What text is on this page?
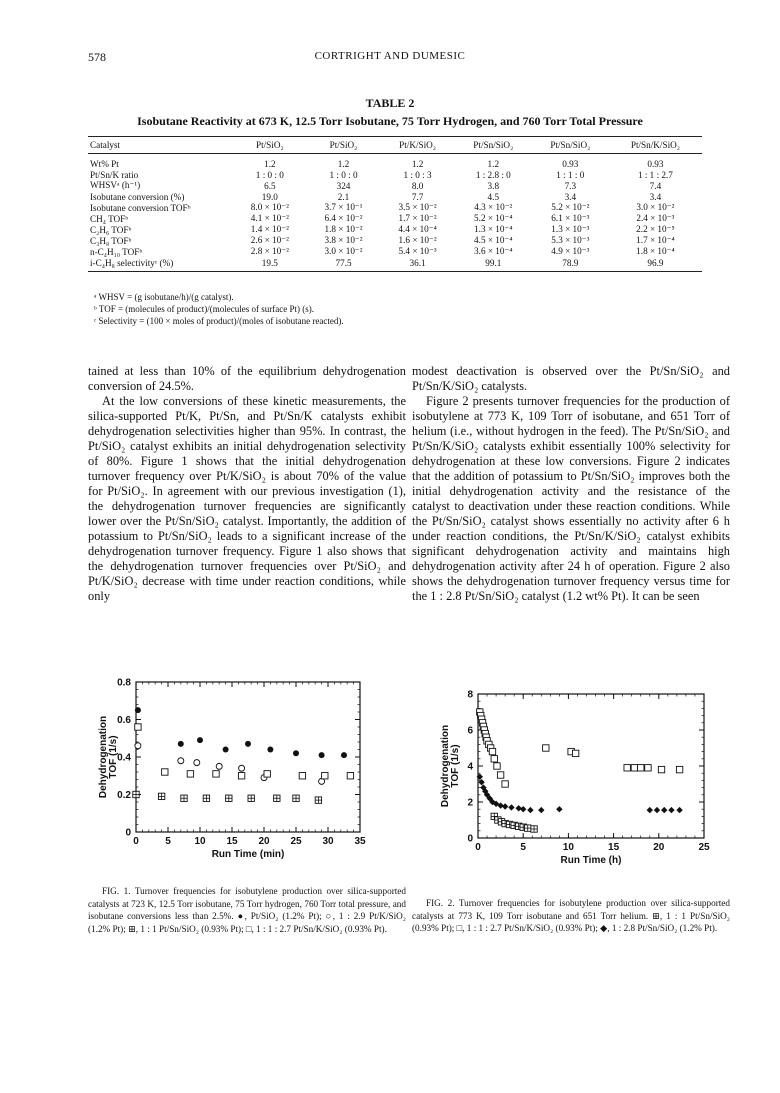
578	CORTRIGHT AND DUMESIC
TABLE 2
Isobutane Reactivity at 673 K, 12.5 Torr Isobutane, 75 Torr Hydrogen, and 760 Torr Total Pressure
Catalyst	Pt/SiO₂	Pt/SiO₂	Pt/K/SiO₂	Pt/Sn/SiO₂	Pt/Sn/SiO₂	Pt/Sn/K/SiO₂
Wt% Pt	1.2	1.2	1.2	1.2	0.93	0.93
Pt/Sn/K ratio	1 : 0 : 0	1 : 0 : 0	1 : 0 : 3	1 : 2.8 : 0	1 : 1 : 0	1 : 1 : 2.7
WHSVᵃ (h⁻¹)	6.5	324	8.0	3.8	7.3	7.4
Isobutane conversion (%)	19.0	2.1	7.7	4.5	3.4	3.4
Isobutane conversion TOFᵇ	8.0 × 10⁻²	3.7 × 10⁻¹	3.5 × 10⁻²	4.3 × 10⁻²	5.2 × 10⁻²	3.0 × 10⁻²
CH₄ TOFᵇ	4.1 × 10⁻²	6.4 × 10⁻²	1.7 × 10⁻²	5.2 × 10⁻⁴	6.1 × 10⁻³	2.4 × 10⁻³
C₂H₆ TOFᵇ	1.4 × 10⁻²	1.8 × 10⁻²	4.4 × 10⁻⁴	1.3 × 10⁻⁴	1.3 × 10⁻³	2.2 × 10⁻⁵
C₃H₈ TOFᵇ	2.6 × 10⁻²	3.8 × 10⁻²	1.6 × 10⁻²	4.5 × 10⁻⁴	5.3 × 10⁻³	1.7 × 10⁻⁴
n-C₄H₁₀ TOFᵇ	2.8 × 10⁻²	3.0 × 10⁻²	5.4 × 10⁻³	3.6 × 10⁻⁴	4.9 × 10⁻³	1.8 × 10⁻⁴
i-C₄H₈ selectivityᶜ (%)	19.5	77.5	36.1	99.1	78.9	96.9
ᵃ WHSV = (g isobutane/h)/(g catalyst).
ᵇ TOF = (molecules of product)/(molecules of surface Pt) (s).
ᶜ Selectivity = (100 × moles of product)/(moles of isobutane reacted).

tained at less than 10% of the equilibrium dehydrogenation conversion of 24.5%.

At the low conversions of these kinetic measurements, the silica-supported Pt/K, Pt/Sn, and Pt/Sn/K catalysts exhibit dehydrogenation selectivities higher than 95%. In contrast, the Pt/SiO₂ catalyst exhibits an initial dehydrogenation selectivity of 80%. Figure 1 shows that the initial dehydrogenation turnover frequency over Pt/K/SiO₂ is about 70% of the value for Pt/SiO₂. In agreement with our previous investigation (1), the dehydrogenation turnover frequencies are significantly lower over the Pt/Sn/SiO₂ catalyst. Importantly, the addition of potassium to Pt/Sn/SiO₂ leads to a significant increase of the dehydrogenation turnover frequency. Figure 1 also shows that the dehydrogenation turnover frequencies over Pt/SiO₂ and Pt/K/SiO₂ decrease with time under reaction conditions, while only

modest deactivation is observed over the Pt/Sn/SiO₂ and Pt/Sn/K/SiO₂ catalysts.

Figure 2 presents turnover frequencies for the production of isobutylene at 773 K, 109 Torr of isobutane, and 651 Torr of helium (i.e., without hydrogen in the feed). The Pt/Sn/SiO₂ and Pt/Sn/K/SiO₂ catalysts exhibit essentially 100% selectivity for dehydrogenation at these low conversions. Figure 2 indicates that the addition of potassium to Pt/Sn/SiO₂ improves both the initial dehydrogenation activity and the resistance of the catalyst to deactivation under these reaction conditions. While the Pt/Sn/SiO₂ catalyst shows essentially no activity after 6 h under reaction conditions, the Pt/Sn/K/SiO₂ catalyst exhibits significant dehydrogenation activity and maintains high dehydrogenation activity after 24 h of operation. Figure 2 also shows the dehydrogenation turnover frequency versus time for the 1 : 2.8 Pt/Sn/SiO₂ catalyst (1.2 wt% Pt). It can be seen

0	5 10 15 20 25 30 35
0
0.2
0.4
0.6
0.8
Run Time (min)
Dehydrogenation TOF (1/s)
0	5	10	15	20	25
0
2
4
6
8
Run Time (h)
Dehydrogenation TOF (1/s)
FIG. 1. Turnover frequencies for isobutylene production over silica-supported catalysts at 723 K, 12.5 Torr isobutane, 75 Torr hydrogen, 760 Torr total pressure, and isobutane conversions less than 2.5%. ●, Pt/SiO₂ (1.2% Pt); ○, 1 : 2.9 Pt/K/SiO₂ (1.2% Pt); ⊞, 1 : 1 Pt/Sn/SiO₂ (0.93% Pt); □, 1 : 1 : 2.7 Pt/Sn/K/SiO₂ (0.93% Pt).
FIG. 2. Turnover frequencies for isobutylene production over silica-supported catalysts at 773 K, 109 Torr isobutane and 651 Torr helium. ⊞, 1 : 1 Pt/Sn/SiO₂ (0.93% Pt); □, 1 : 1 : 2.7 Pt/Sn/K/SiO₂ (0.93% Pt); ◆, 1 : 2.8 Pt/Sn/SiO₂ (1.2% Pt).
